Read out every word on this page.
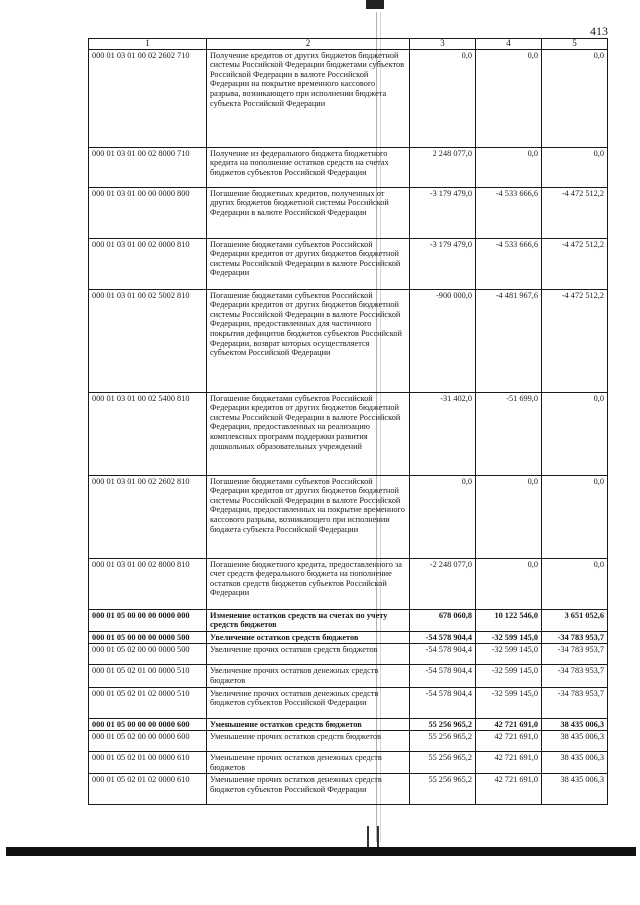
413
1	2	3	4	5
000 01 03 01 00 02 2602 710	Получение кредитов от других бюджетов бюджетной системы Российской Федерации бюджетами субъектов Российской Федерации в валюте Российской Федерации на покрытие временного кассового разрыва, возникающего при исполнении бюджета субъекта Российской Федерации	0,0	0,0	0,0
000 01 03 01 00 02 8000 710	Получение из федерального бюджета бюджетного кредита на пополнение остатков средств на счетах бюджетов субъектов Российской Федерации	2 248 077,0	0,0	0,0
000 01 03 01 00 00 0000 800	Погашение бюджетных кредитов, полученных от других бюджетов бюджетной системы Российской Федерации в валюте Российской Федерации	-3 179 479,0	-4 533 666,6	-4 472 512,2
000 01 03 01 00 02 0000 810	Погашение бюджетами субъектов Российской Федерации кредитов от других бюджетов бюджетной системы Российской Федерации в валюте Российской Федерации	-3 179 479,0	-4 533 666,6	-4 472 512,2
000 01 03 01 00 02 5002 810	Погашение бюджетами субъектов Российской Федерации кредитов от других бюджетов бюджетной системы Российской Федерации в валюте Российской Федерации, предоставленных для частичного покрытия дефицитов бюджетов субъектов Российской Федерации, возврат которых осуществляется субъектом Российской Федерации	-900 000,0	-4 481 967,6	-4 472 512,2
000 01 03 01 00 02 5400 810	Погашение бюджетами субъектов Российской Федерации кредитов от других бюджетов бюджетной системы Российской Федерации в валюте Российской Федерации, предоставленных на реализацию комплексных программ поддержки развития дошкольных образовательных учреждений	-31 402,0	-51 699,0	0,0
000 01 03 01 00 02 2602 810	Погашение бюджетами субъектов Российской Федерации кредитов от других бюджетов бюджетной системы Российской Федерации в валюте Российской Федерации, предоставленных на покрытие временного кассового разрыва, возникающего при исполнении бюджета субъекта Российской Федерации	0,0	0,0	0,0
000 01 03 01 00 02 8000 810	Погашение бюджетного кредита, предоставленного за счет средств федерального бюджета на пополнение остатков средств бюджетов субъектов Российской Федерации	-2 248 077,0	0,0	0,0
000 01 05 00 00 00 0000 000	Изменение остатков средств на счетах по учету средств бюджетов	678 060,8	10 122 546,0	3 651 052,6
000 01 05 00 00 00 0000 500	Увеличение остатков средств бюджетов	-54 578 904,4	-32 599 145,0	-34 783 953,7
000 01 05 02 00 00 0000 500	Увеличение прочих остатков средств бюджетов	-54 578 904,4	-32 599 145,0	-34 783 953,7
000 01 05 02 01 00 0000 510	Увеличение прочих остатков денежных средств бюджетов	-54 578 904,4	-32 599 145,0	-34 783 953,7
000 01 05 02 01 02 0000 510	Увеличение прочих остатков денежных средств бюджетов субъектов Российской Федерации	-54 578 904,4	-32 599 145,0	-34 783 953,7
000 01 05 00 00 00 0000 600	Уменьшение остатков средств бюджетов	55 256 965,2	42 721 691,0	38 435 006,3
000 01 05 02 00 00 0000 600	Уменьшение прочих остатков средств бюджетов	55 256 965,2	42 721 691,0	38 435 006,3
000 01 05 02 01 00 0000 610	Уменьшение прочих остатков денежных средств бюджетов	55 256 965,2	42 721 691,0	38 435 006,3
000 01 05 02 01 02 0000 610	Уменьшение прочих остатков денежных средств бюджетов субъектов Российской Федерации	55 256 965,2	42 721 691,0	38 435 006,3
